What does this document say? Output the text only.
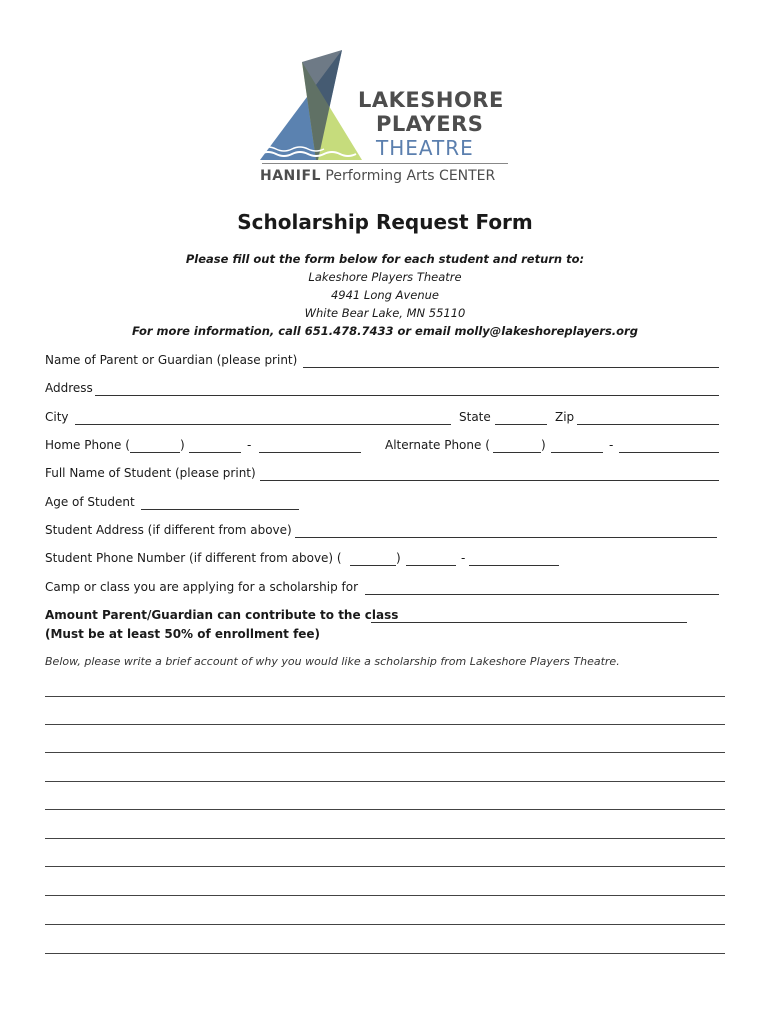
LAKESHORE
PLAYERS
THEATRE
HANIFL Performing Arts CENTER
Scholarship Request Form
Please fill out the form below for each student and return to:
Lakeshore Players Theatre
4941 Long Avenue
White Bear Lake, MN 55110
For more information, call 651.478.7433 or email molly@lakeshoreplayers.org
Name of Parent or Guardian (please print)
Address
City	State	Zip
Home Phone (	)	-	Alternate Phone (	)	-
Full Name of Student (please print)
Age of Student
Student Address (if different from above)
Student Phone Number (if different from above) (	)	-
Camp or class you are applying for a scholarship for
Amount Parent/Guardian can contribute to the class
(Must be at least 50% of enrollment fee)
Below, please write a brief account of why you would like a scholarship from Lakeshore Players Theatre.
